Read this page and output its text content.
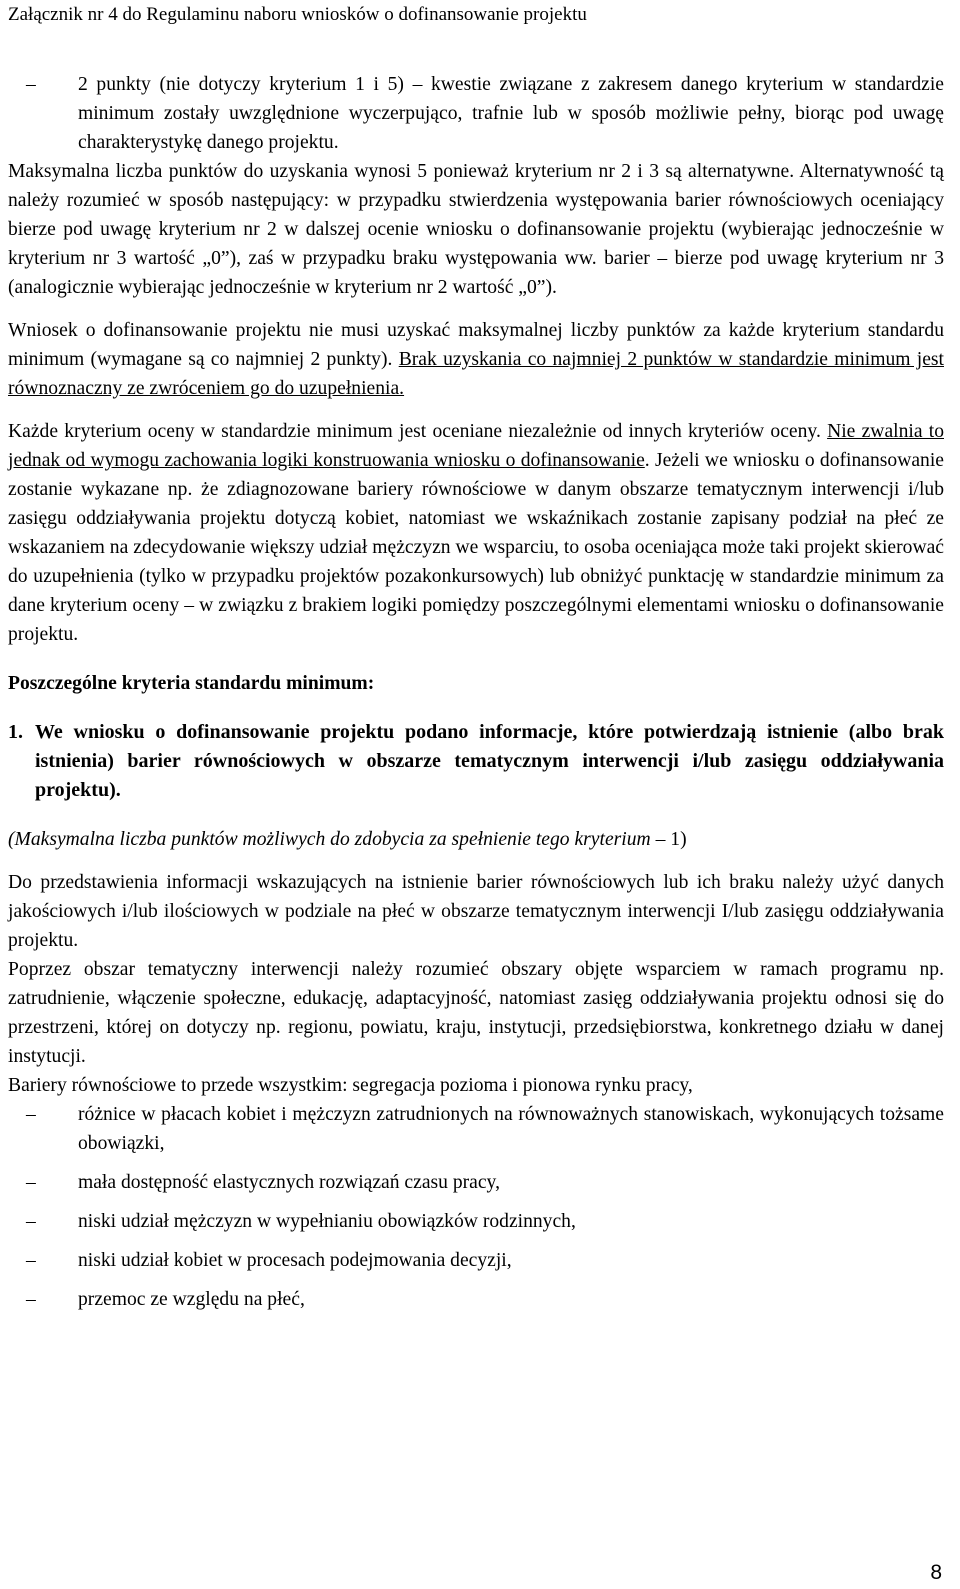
Załącznik nr 4 do Regulaminu naboru wniosków o dofinansowanie projektu

–	2 punkty (nie dotyczy kryterium 1 i 5) – kwestie związane z zakresem danego kryterium w standardzie minimum zostały uwzględnione wyczerpująco, trafnie lub w sposób możliwie pełny, biorąc pod uwagę charakterystykę danego projektu.

Maksymalna liczba punktów do uzyskania wynosi 5 ponieważ kryterium nr 2 i 3 są alternatywne. Alternatywność tą należy rozumieć w sposób następujący: w przypadku stwierdzenia występowania barier równościowych oceniający bierze pod uwagę kryterium nr 2 w dalszej ocenie wniosku o dofinansowanie projektu (wybierając jednocześnie w kryterium nr 3 wartość „0”), zaś w przypadku braku występowania ww. barier – bierze pod uwagę kryterium nr 3 (analogicznie wybierając jednocześnie w kryterium nr 2 wartość „0”).

Wniosek o dofinansowanie projektu nie musi uzyskać maksymalnej liczby punktów za każde kryterium standardu minimum (wymagane są co najmniej 2 punkty). Brak uzyskania co najmniej 2 punktów w standardzie minimum jest równoznaczny ze zwróceniem go do uzupełnienia.

Każde kryterium oceny w standardzie minimum jest oceniane niezależnie od innych kryteriów oceny. Nie zwalnia to jednak od wymogu zachowania logiki konstruowania wniosku o dofinansowanie. Jeżeli we wniosku o dofinansowanie zostanie wykazane np. że zdiagnozowane bariery równościowe w danym obszarze tematycznym interwencji i/lub zasięgu oddziaływania projektu dotyczą kobiet, natomiast we wskaźnikach zostanie zapisany podział na płeć ze wskazaniem na zdecydowanie większy udział mężczyzn we wsparciu, to osoba oceniająca może taki projekt skierować do uzupełnienia (tylko w przypadku projektów pozakonkursowych) lub obniżyć punktację w standardzie minimum za dane kryterium oceny – w związku z brakiem logiki pomiędzy poszczególnymi elementami wniosku o dofinansowanie projektu.

Poszczególne kryteria standardu minimum:

1. We wniosku o dofinansowanie projektu podano informacje, które potwierdzają istnienie (albo brak istnienia) barier równościowych w obszarze tematycznym interwencji i/lub zasięgu oddziaływania projektu).

(Maksymalna liczba punktów możliwych do zdobycia za spełnienie tego kryterium – 1)

Do przedstawienia informacji wskazujących na istnienie barier równościowych lub ich braku należy użyć danych jakościowych i/lub ilościowych w podziale na płeć w obszarze tematycznym interwencji I/lub zasięgu oddziaływania projektu.

Poprzez obszar tematyczny interwencji należy rozumieć obszary objęte wsparciem w ramach programu np. zatrudnienie, włączenie społeczne, edukację, adaptacyjność, natomiast zasięg oddziaływania projektu odnosi się do przestrzeni, której on dotyczy np. regionu, powiatu, kraju, instytucji, przedsiębiorstwa, konkretnego działu w danej instytucji.

Bariery równościowe to przede wszystkim: segregacja pozioma i pionowa rynku pracy,

–	różnice w płacach kobiet i mężczyzn zatrudnionych na równoważnych stanowiskach, wykonujących tożsame obowiązki,
–	mała dostępność elastycznych rozwiązań czasu pracy,
–	niski udział mężczyzn w wypełnianiu obowiązków rodzinnych,
–	niski udział kobiet w procesach podejmowania decyzji,
–	przemoc ze względu na płeć,
8
